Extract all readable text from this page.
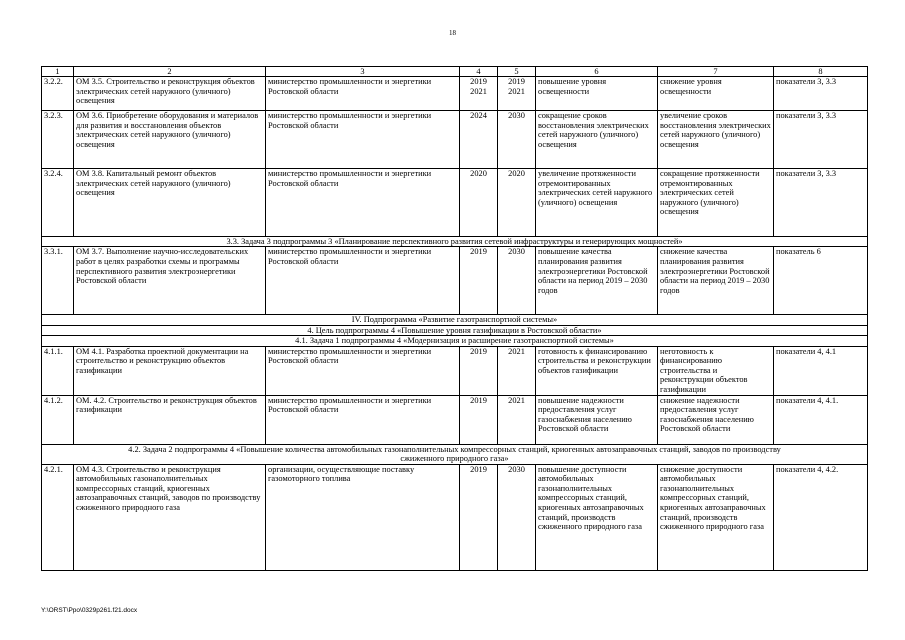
18
1	2	3	4	5	6	7	8
3.2.2.	ОМ 3.5. Строительство и реконструкция объектов электрических сетей наружного (уличного) освещения	министерство промышленности и энергетики Ростовской области	2019 2021	2019 2021	повышение уровня освещенности	снижение уровня освещенности	показатели 3, 3.3
3.2.3.	ОМ 3.6. Приобретение оборудования и материалов для развития и восстановления объектов электрических сетей наружного (уличного) освещения	министерство промышленности и энергетики Ростовской области	2024	2030	сокращение сроков восстановления электрических сетей наружного (уличного) освещения	увеличение сроков восстановления электрических сетей наружного (уличного) освещения	показатели 3, 3.3
3.2.4.	ОМ 3.8. Капитальный ремонт объектов электрических сетей наружного (уличного) освещения	министерство промышленности и энергетики Ростовской области	2020	2020	увеличение протяженности отремонтированных электрических сетей наружного (уличного) освещения	сокращение протяженности отремонтированных электрических сетей наружного (уличного) освещения	показатели 3, 3.3
3.3. Задача 3 подпрограммы 3 «Планирование перспективного развития сетевой инфраструктуры и генерирующих мощностей»							
3.3.1.	ОМ 3.7. Выполнение научно-исследовательских работ в целях разработки схемы и программы перспективного развития электроэнергетики Ростовской области	министерство промышленности и энергетики Ростовской области	2019	2030	повышение качества планирования развития электроэнергетики Ростовской области на период 2019 – 2030 годов	снижение качества планирования развития электроэнергетики Ростовской области на период 2019 – 2030 годов	показатель 6
IV. Подпрограмма «Развитие газотранспортной системы»							
4. Цель подпрограммы 4 «Повышение уровня газификации в Ростовской области»							
4.1. Задача 1 подпрограммы 4 «Модернизация и расширение газотранспортной системы»							
4.1.1.	ОМ 4.1. Разработка проектной документации на строительство и реконструкцию объектов газификации	министерство промышленности и энергетики Ростовской области	2019	2021	готовность к финансированию строительства и реконструкции объектов газификации	неготовность к финансированию строительства и реконструкции объектов газификации	показатели 4, 4.1
4.1.2.	ОМ. 4.2. Строительство и реконструкция объектов газификации	министерство промышленности и энергетики Ростовской области	2019	2021	повышение надежности предоставления услуг газоснабжения населению Ростовской области	снижение надежности предоставления услуг газоснабжения населению Ростовской области	показатели 4, 4.1.
4.2. Задача 2 подпрограммы 4 «Повышение количества автомобильных газонаполнительных компрессорных станций, криогенных автозаправочных станций, заводов по производству сжиженного природного газа»							
4.2.1.	ОМ 4.3. Строительство и реконструкция автомобильных газонаполнительных компрессорных станций, криогенных автозаправочных станций, заводов по производству сжиженного природного газа	организации, осуществляющие поставку газомоторного топлива	2019	2030	повышение доступности автомобильных газонаполнительных компрессорных станций, криогенных автозаправочных станций, производств сжиженного природного газа	снижение доступности автомобильных газонаполнительных компрессорных станций, криогенных автозаправочных станций, производств сжиженного природного газа	показатели 4, 4.2.
Y:\ORST\Ppo\0329p261.f21.docx
